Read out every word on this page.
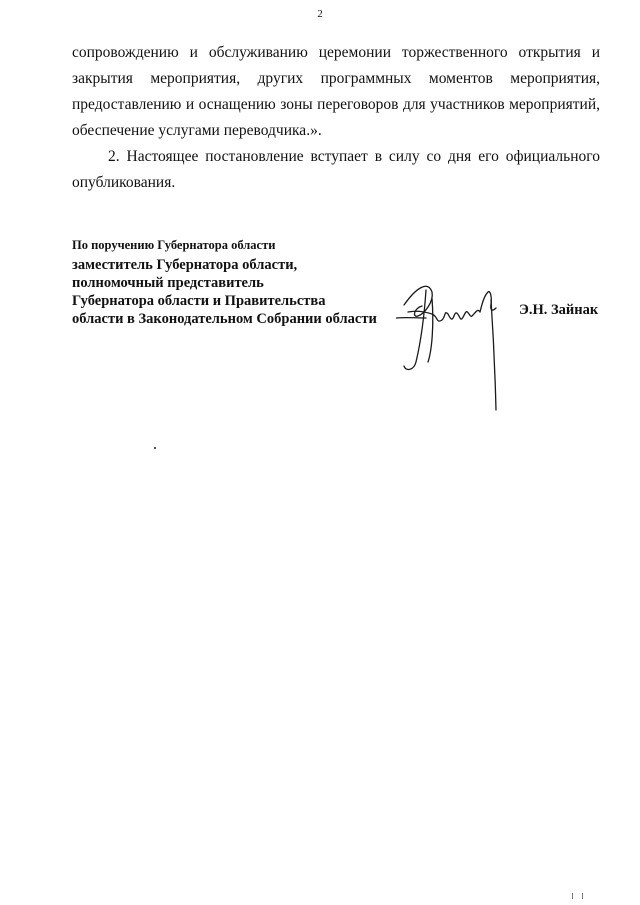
2

сопровождению и обслуживанию церемонии торжественного открытия и закрытия мероприятия, других программных моментов мероприятия, предоставлению и оснащению зоны переговоров для участников мероприятий, обеспечение услугами переводчика.».

2. Настоящее постановление вступает в силу со дня его официального опубликования.

По поручению Губернатора области
заместитель Губернатора области,
полномочный представитель
Губернатора области и Правительства
области в Законодательном Собрании области
Э.Н. Зайнак
